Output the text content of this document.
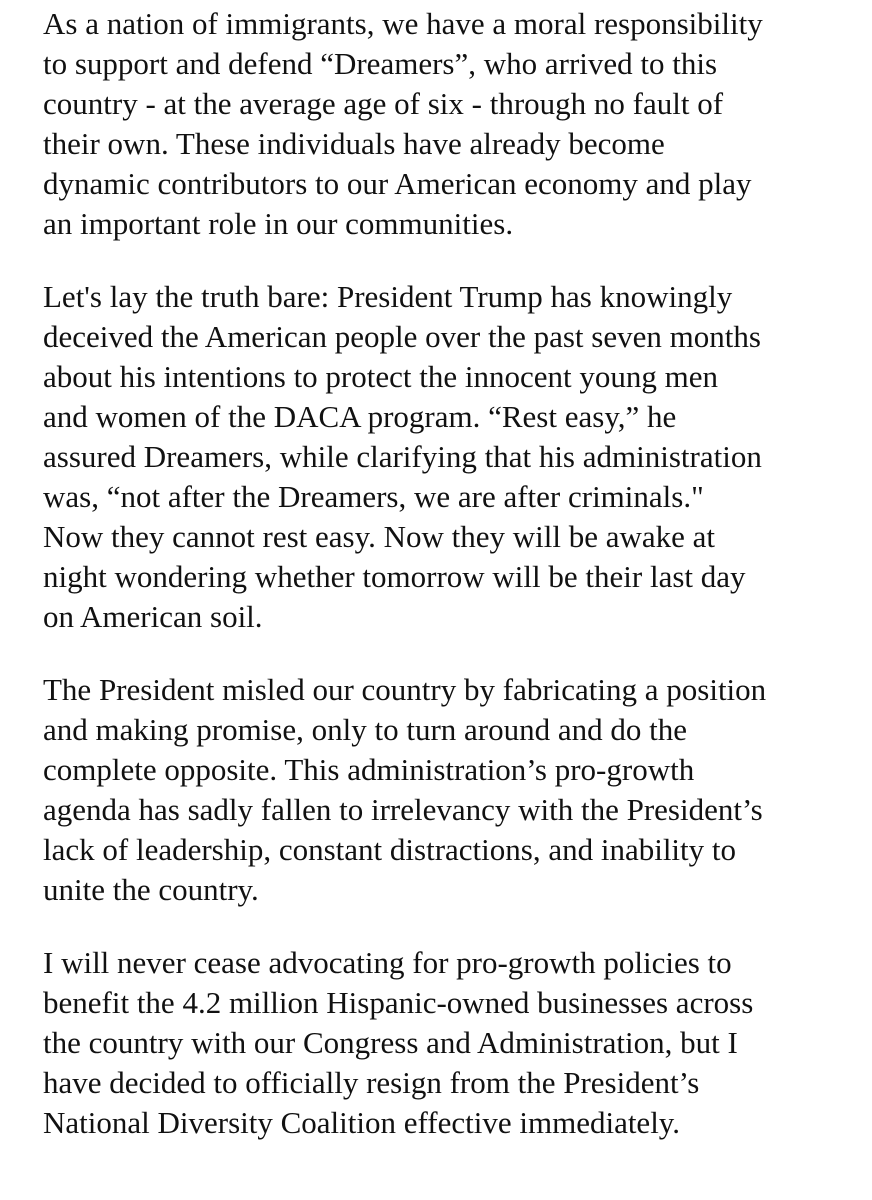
As a nation of immigrants, we have a moral responsibility
to support and defend “Dreamers”, who arrived to this
country - at the average age of six - through no fault of
their own. These individuals have already become
dynamic contributors to our American economy and play
an important role in our communities.

Let's lay the truth bare: President Trump has knowingly
deceived the American people over the past seven months
about his intentions to protect the innocent young men
and women of the DACA program. “Rest easy,” he
assured Dreamers, while clarifying that his administration
was, “not after the Dreamers, we are after criminals."
Now they cannot rest easy. Now they will be awake at
night wondering whether tomorrow will be their last day
on American soil.

The President misled our country by fabricating a position
and making promise, only to turn around and do the
complete opposite. This administration’s pro-growth
agenda has sadly fallen to irrelevancy with the President’s
lack of leadership, constant distractions, and inability to
unite the country.

I will never cease advocating for pro-growth policies to
benefit the 4.2 million Hispanic-owned businesses across
the country with our Congress and Administration, but I
have decided to officially resign from the President’s
National Diversity Coalition effective immediately.
